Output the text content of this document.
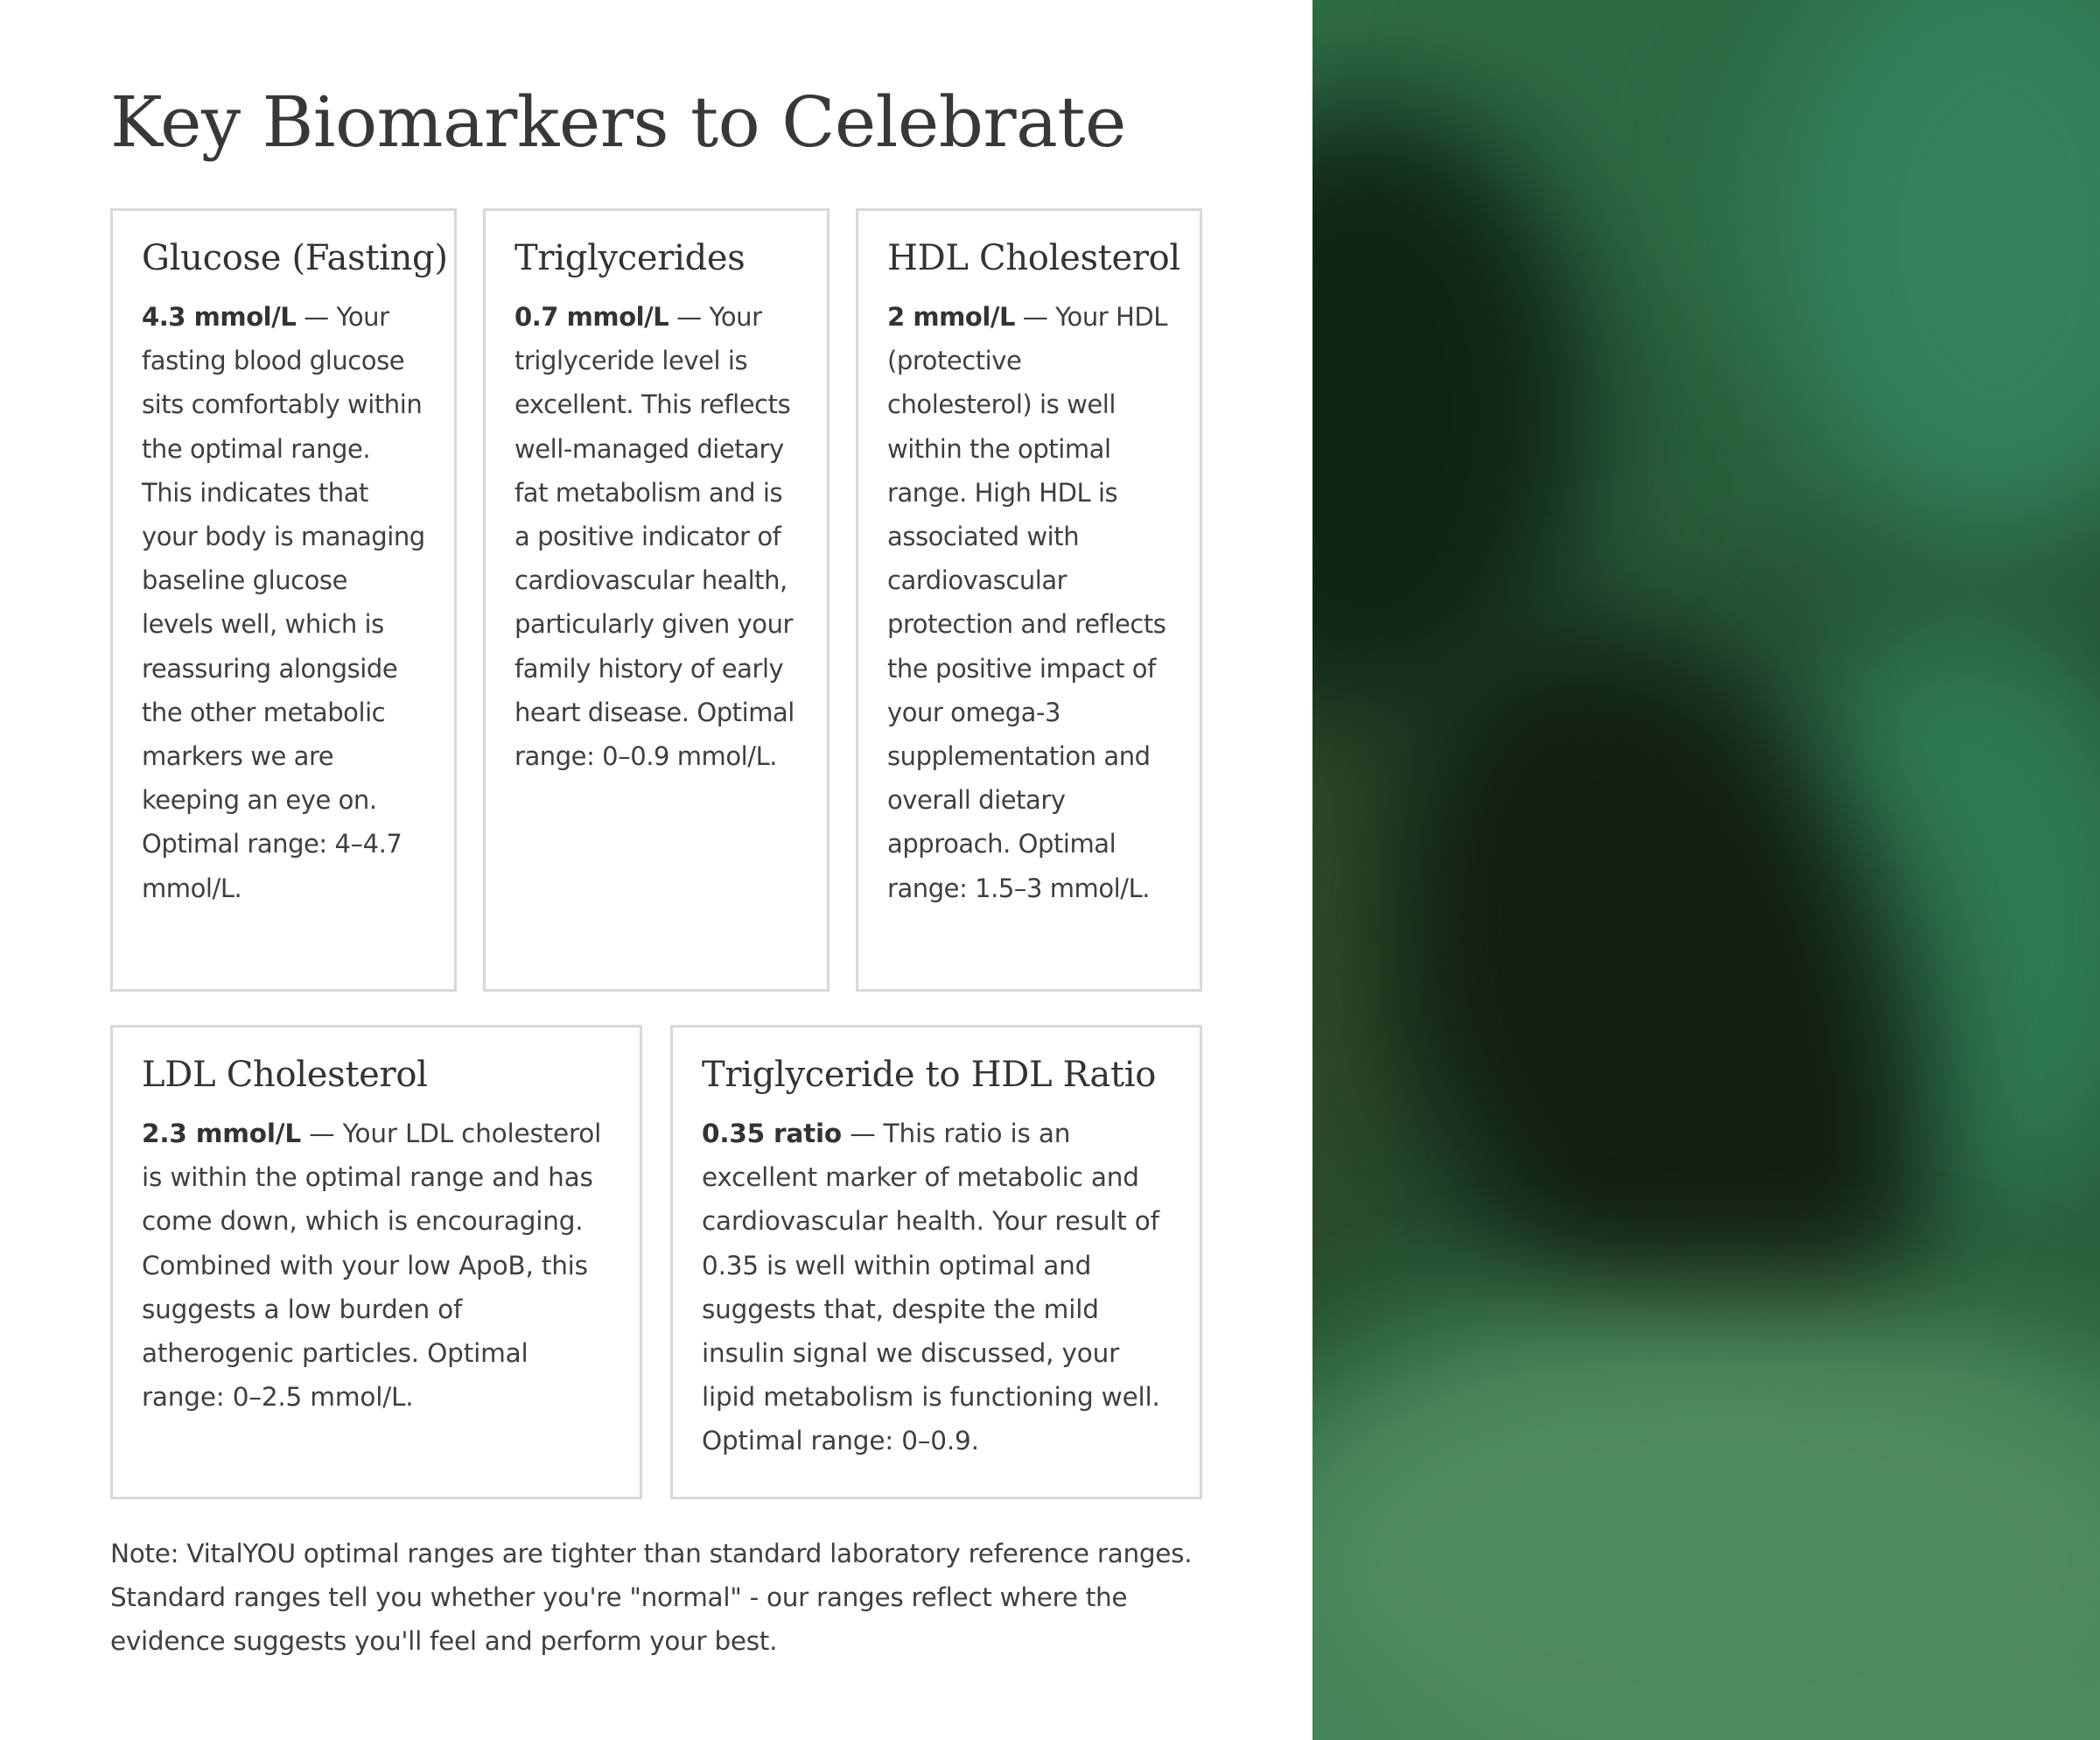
Key Biomarkers to Celebrate
Glucose (Fasting)

4.3 mmol/L — Your fasting blood glucose sits comfortably within the optimal range. This indicates that your body is managing baseline glucose levels well, which is reassuring alongside the other metabolic markers we are keeping an eye on. Optimal range: 4–4.7 mmol/L.

Triglycerides

0.7 mmol/L — Your triglyceride level is excellent. This reflects well-managed dietary fat metabolism and is a positive indicator of cardiovascular health, particularly given your family history of early heart disease. Optimal range: 0–0.9 mmol/L.

HDL Cholesterol

2 mmol/L — Your HDL (protective cholesterol) is well within the optimal range. High HDL is associated with cardiovascular protection and reflects the positive impact of your omega-3 supplementation and overall dietary approach. Optimal range: 1.5–3 mmol/L.

LDL Cholesterol

2.3 mmol/L — Your LDL cholesterol is within the optimal range and has come down, which is encouraging. Combined with your low ApoB, this suggests a low burden of atherogenic particles. Optimal range: 0–2.5 mmol/L.

Triglyceride to HDL Ratio

0.35 ratio — This ratio is an excellent marker of metabolic and cardiovascular health. Your result of 0.35 is well within optimal and suggests that, despite the mild insulin signal we discussed, your lipid metabolism is functioning well. Optimal range: 0–0.9.

Note: VitalYOU optimal ranges are tighter than standard laboratory reference ranges. Standard ranges tell you whether you're "normal" - our ranges reflect where the evidence suggests you'll feel and perform your best.
